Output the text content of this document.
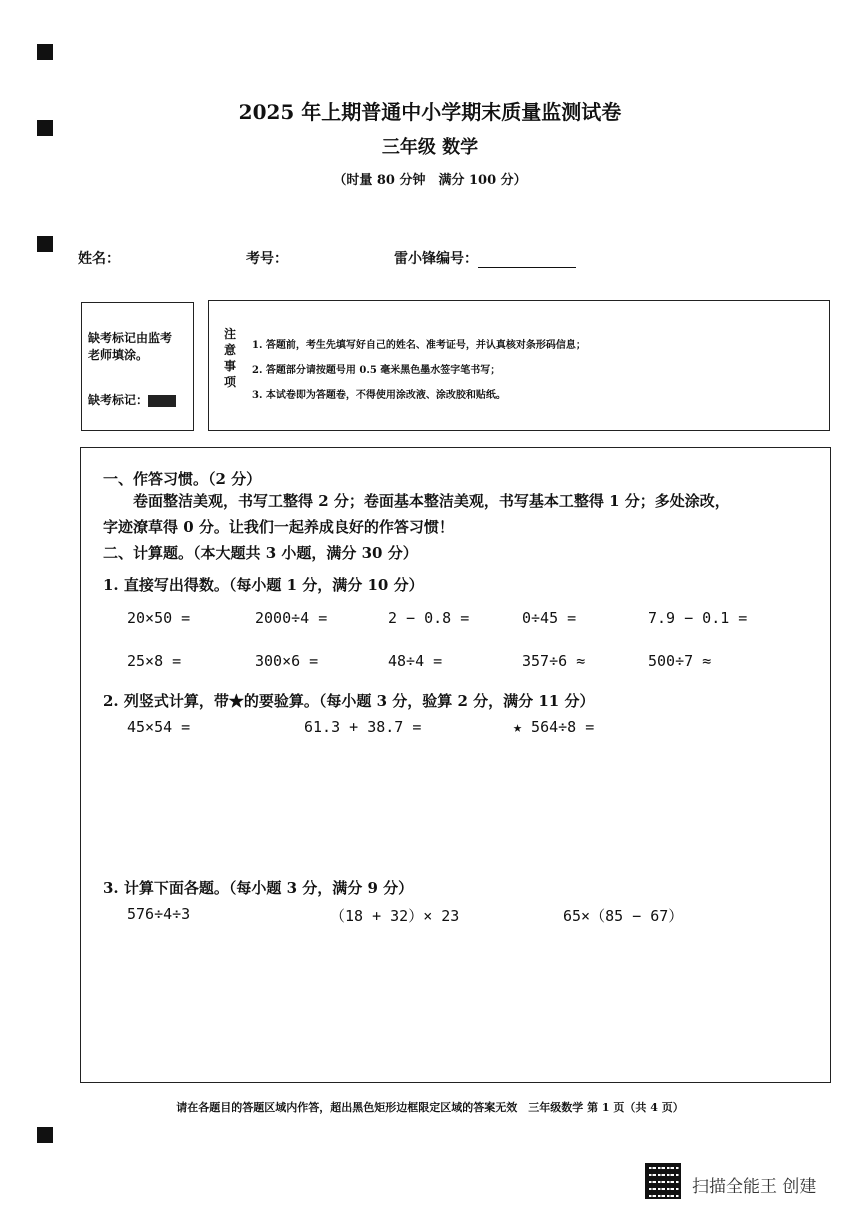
2025 年上期普通中小学期末质量监测试卷
三年级 数学
（时量 80 分钟　满分 100 分）
姓名：	考号：	雷小锋编号：
缺考标记由监考
老师填涂。
缺考标记：
注意事项
1. 答题前，考生先填写好自己的姓名、准考证号，并认真核对条形码信息；
2. 答题部分请按题号用 0.5 毫米黑色墨水签字笔书写；
3. 本试卷即为答题卷，不得使用涂改液、涂改胶和贴纸。
一、作答习惯。（2 分）
卷面整洁美观，书写工整得 2 分；卷面基本整洁美观，书写基本工整得 1 分；多处涂改，
字迹潦草得 0 分。让我们一起养成良好的作答习惯！
二、计算题。（本大题共 3 小题，满分 30 分）
1. 直接写出得数。（每小题 1 分，满分 10 分）
20×50 =	2000÷4 =	2 − 0.8 =	0÷45 =	7.9 − 0.1 =
25×8 =	300×6 =	48÷4 =	357÷6 ≈	500÷7 ≈
2. 列竖式计算，带★的要验算。（每小题 3 分，验算 2 分，满分 11 分）
45×54 =	61.3 + 38.7 =	★ 564÷8 =
3. 计算下面各题。（每小题 3 分，满分 9 分）
576÷4÷3	（18 + 32）× 23	65×（85 − 67）
请在各题目的答题区域内作答，超出黑色矩形边框限定区域的答案无效　三年级数学 第 1 页（共 4 页）
扫描全能王 创建
